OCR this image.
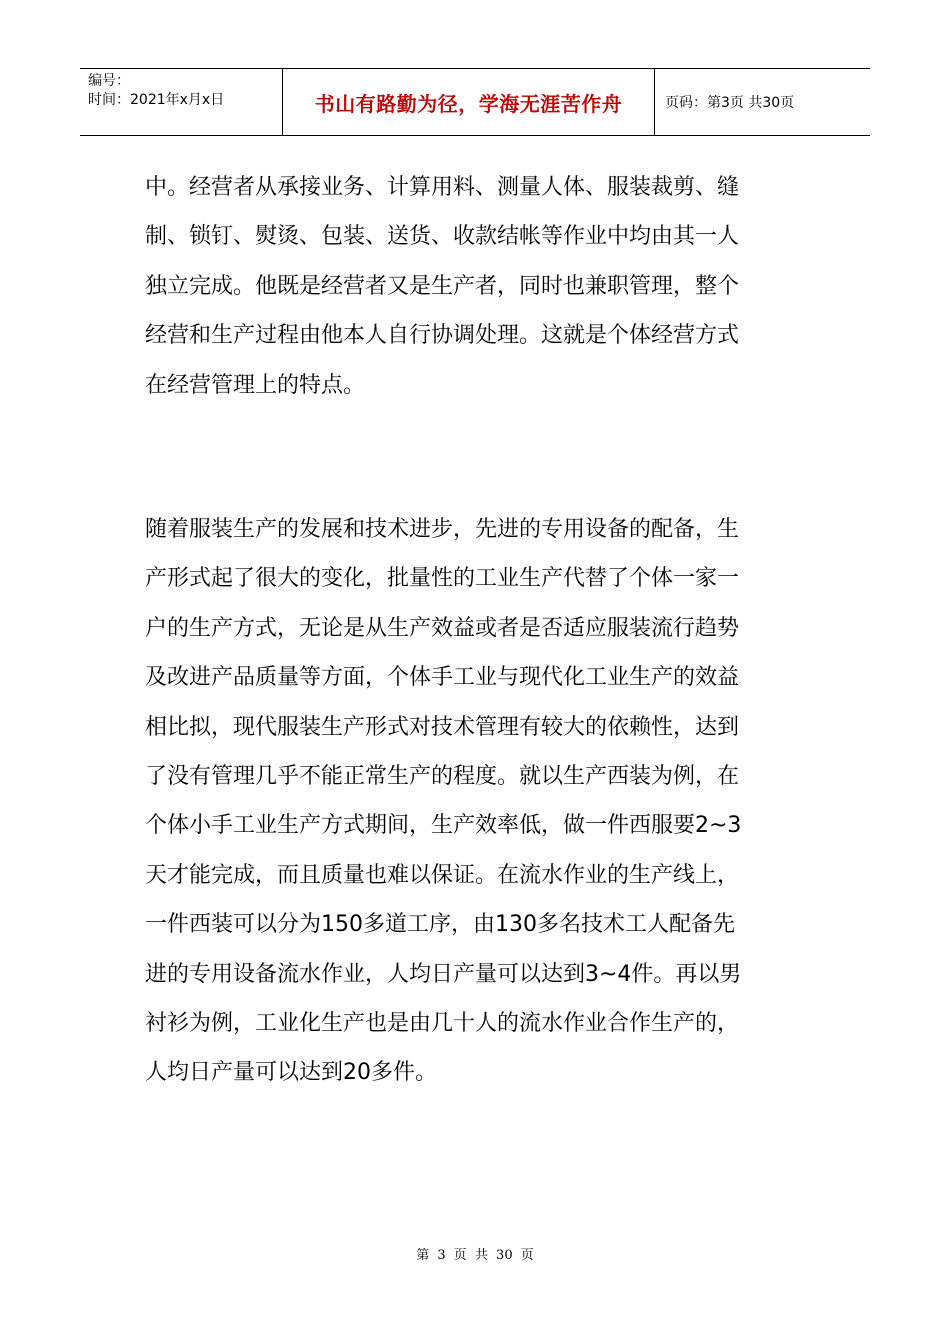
编号：
时间：2021年x月x日	书山有路勤为径，学海无涯苦作舟	页码：第3页 共30页
中。经营者从承接业务、计算用料、测量人体、服装裁剪、缝
制、锁钉、熨烫、包装、送货、收款结帐等作业中均由其一人
独立完成。他既是经营者又是生产者，同时也兼职管理，整个
经营和生产过程由他本人自行协调处理。这就是个体经营方式
在经营管理上的特点。
随着服装生产的发展和技术进步，先进的专用设备的配备，生
产形式起了很大的变化，批量性的工业生产代替了个体一家一
户的生产方式，无论是从生产效益或者是否适应服装流行趋势
及改进产品质量等方面，个体手工业与现代化工业生产的效益
相比拟，现代服装生产形式对技术管理有较大的依赖性，达到
了没有管理几乎不能正常生产的程度。就以生产西装为例，在
个体小手工业生产方式期间，生产效率低，做一件西服要2~3
天才能完成，而且质量也难以保证。在流水作业的生产线上，
一件西装可以分为150多道工序，由130多名技术工人配备先
进的专用设备流水作业，人均日产量可以达到3~4件。再以男
衬衫为例，工业化生产也是由几十人的流水作业合作生产的，
人均日产量可以达到20多件。
第 3 页 共 30 页
